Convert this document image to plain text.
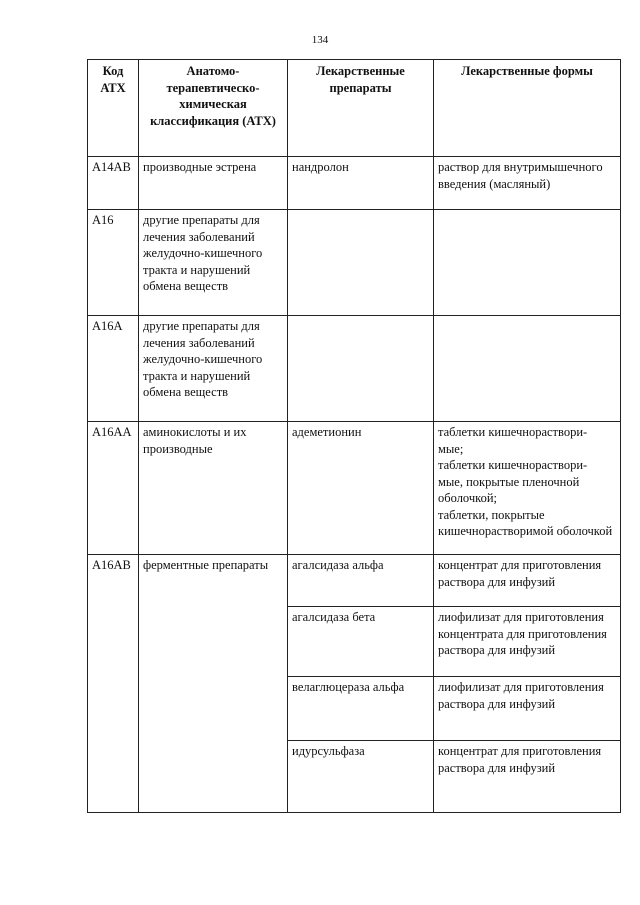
134
Код АТХ	Анатомо-терапевтическо-химическая классификация (АТХ)	Лекарственные препараты	Лекарственные формы
А14АВ	производные эстрена	нандролон	раствор для внутримышечного введения (масляный)
А16	другие препараты для лечения заболеваний желудочно-кишечного тракта и нарушений обмена веществ		
А16А	другие препараты для лечения заболеваний желудочно-кишечного тракта и нарушений обмена веществ		
А16АА	аминокислоты и их производные	адеметионин	таблетки кишечнораствори-
мые;
таблетки кишечнораствори-
мые, покрытые пленочной оболочкой;
таблетки, покрытые кишечнорастворимой оболочкой
А16АВ	ферментные препараты	агалсидаза альфа	концентрат для приготовления раствора для инфузий
		агалсидаза бета	лиофилизат для приготовления концентрата для приготовления раствора для инфузий
		велаглюцераза альфа	лиофилизат для приготовления раствора для инфузий
		идурсульфаза	концентрат для приготовления раствора для инфузий
